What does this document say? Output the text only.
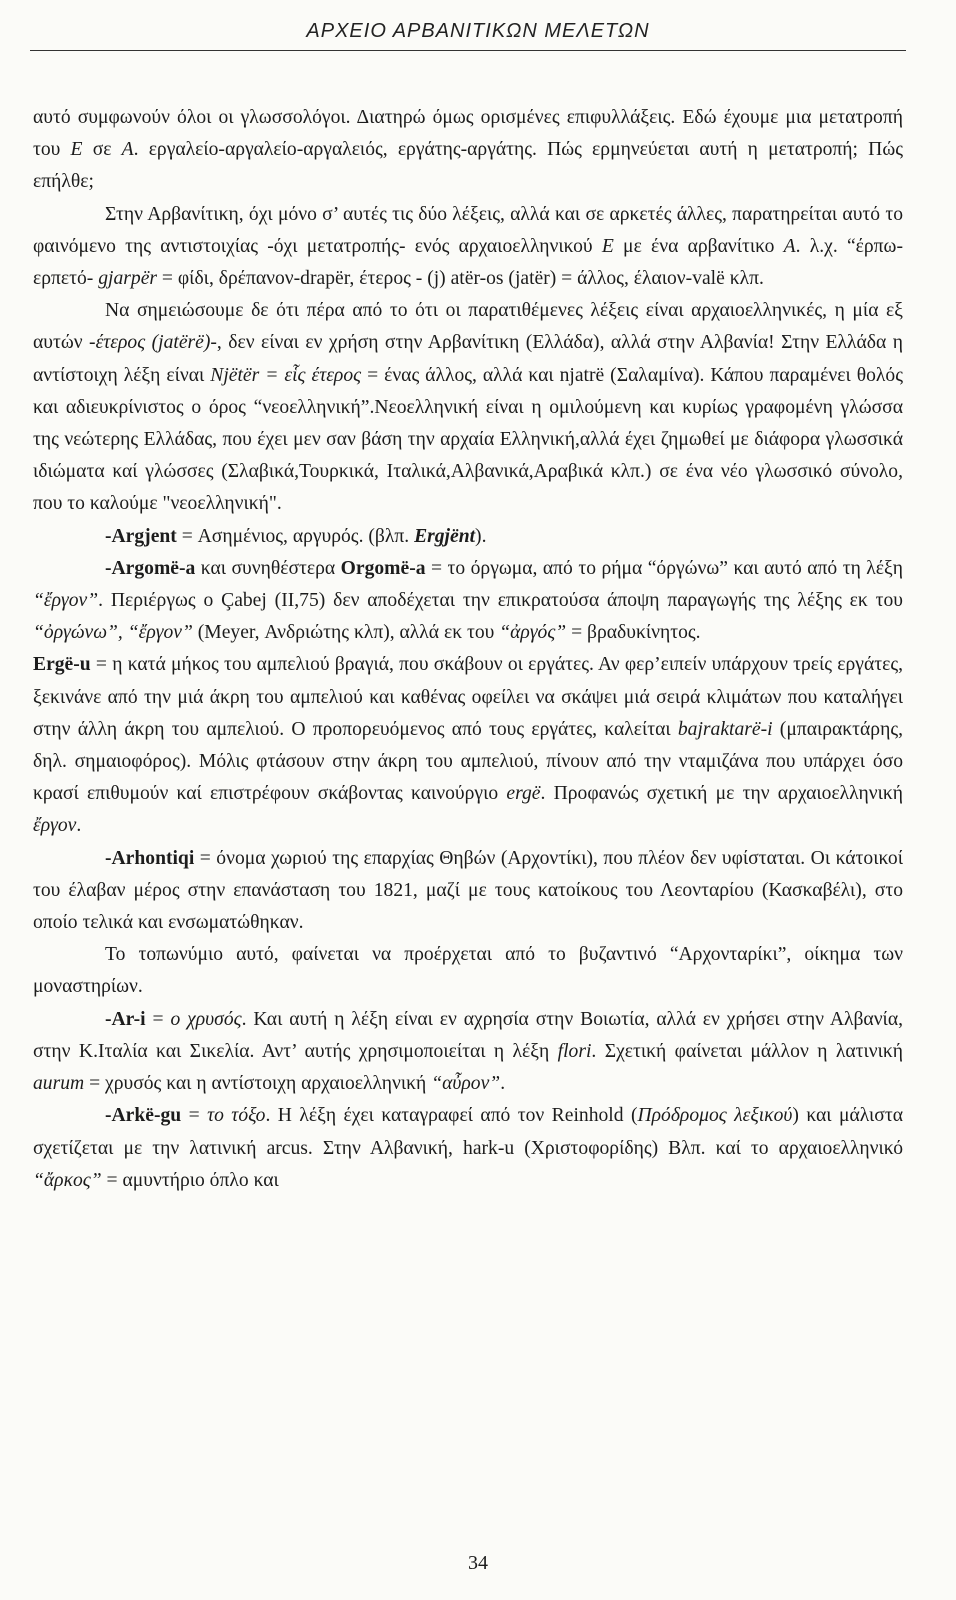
ΑΡΧΕΙΟ ΑΡΒΑΝΙΤΙΚΩΝ ΜΕΛΕΤΩΝ

αυτό συμφωνούν όλοι οι γλωσσολόγοι. Διατηρώ όμως ορισμένες επιφυλλάξεις. Εδώ έχουμε μια μετατροπή του Ε σε Α. εργαλείο-αργαλείο-αργαλειός, εργάτης-αργάτης. Πώς ερμηνεύεται αυτή η μετατροπή; Πώς επήλθε;

Στην Αρβανίτικη, όχι μόνο σ’ αυτές τις δύο λέξεις, αλλά και σε αρκετές άλλες, παρατηρείται αυτό το φαινόμενο της αντιστοιχίας -όχι μετατροπής- ενός αρχαιοελληνικού Ε με ένα αρβανίτικο Α. λ.χ. “έρπω-ερπετό- gjarpër = φίδι, δρέπανον-drapër, έτερος - (j) atër-os (jatër) = άλλος, έλαιον-valë κλπ.

Να σημειώσουμε δε ότι πέρα από το ότι οι παρατιθέμενες λέξεις είναι αρχαιοελληνικές, η μία εξ αυτών -έτερος (jatërë)-, δεν είναι εν χρήση στην Αρβανίτικη (Ελλάδα), αλλά στην Αλβανία! Στην Ελλάδα η αντίστοιχη λέξη είναι Njëtër = εἷς έτερος = ένας άλλος, αλλά και njatrë (Σαλαμίνα). Κάπου παραμένει θολός και αδιευκρίνιστος ο όρος “νεοελληνική”.Νεοελληνική είναι η ομιλούμενη και κυρίως γραφομένη γλώσσα της νεώτερης Ελλάδας, που έχει μεν σαν βάση την αρχαία Ελληνική,αλλά έχει ζημωθεί με διάφορα γλωσσικά ιδιώματα καί γλώσσες (Σλαβικά,Τουρκικά, Ιταλικά,Αλβανικά,Αραβικά κλπ.) σε ένα νέο γλωσσικό σύνολο, που το καλούμε "νεοελληνική".

-Argjent = Ασημένιος, αργυρός. (βλπ. Ergjënt).

-Argomë-a και συνηθέστερα Orgomë-a = το όργωμα, από το ρήμα “όργώνω” και αυτό από τη λέξη “ἔργον”. Περιέργως ο Çabej (ΙΙ,75) δεν αποδέχεται την επικρατούσα άποψη παραγωγής της λέξης εκ του “ὀργώνω”, “ἔργον” (Meyer, Ανδριώτης κλπ), αλλά εκ του “ἀργός” = βραδυκίνητος.

Ergë-u = η κατά μήκος του αμπελιού βραγιά, που σκάβουν οι εργάτες. Αν φερ’ειπείν υπάρχουν τρείς εργάτες, ξεκινάνε από την μιά άκρη του αμπελιού και καθένας οφείλει να σκάψει μιά σειρά κλιμάτων που καταλήγει στην άλλη άκρη του αμπελιού. Ο προπορευόμενος από τους εργάτες, καλείται bajraktarë-i (μπαιρακτάρης, δηλ. σημαιοφόρος). Μόλις φτάσουν στην άκρη του αμπελιού, πίνουν από την νταμιζάνα που υπάρχει όσο κρασί επιθυμούν καί επιστρέφουν σκάβοντας καινούργιο ergë. Προφανώς σχετική με την αρχαιοελληνική ἔργον.

-Arhontiqi = όνομα χωριού της επαρχίας Θηβών (Αρχοντίκι), που πλέον δεν υφίσταται. Οι κάτοικοί του έλαβαν μέρος στην επανάσταση του 1821, μαζί με τους κατοίκους του Λεονταρίου (Κασκαβέλι), στο οποίο τελικά και ενσωματώθηκαν.

Το τοπωνύμιο αυτό, φαίνεται να προέρχεται από το βυζαντινό “Αρχονταρίκι”, οίκημα των μοναστηρίων.

-Ar-i = ο χρυσός. Και αυτή η λέξη είναι εν αχρησία στην Βοιωτία, αλλά εν χρήσει στην Αλβανία, στην Κ.Ιταλία και Σικελία. Αντ’ αυτής χρησιμοποιείται η λέξη flori. Σχετική φαίνεται μάλλον η λατινική aurum = χρυσός και η αντίστοιχη αρχαιοελληνική “αὖρον”.

-Arkë-gu = το τόξο. Η λέξη έχει καταγραφεί από τον Reinhold (Πρόδρομος λεξικού) και μάλιστα σχετίζεται με την λατινική arcus. Στην Αλβανική, hark-u (Χριστοφορίδης) Βλπ. καί το αρχαιοελληνικό “ἄρκος” = αμυντήριο όπλο και

34
